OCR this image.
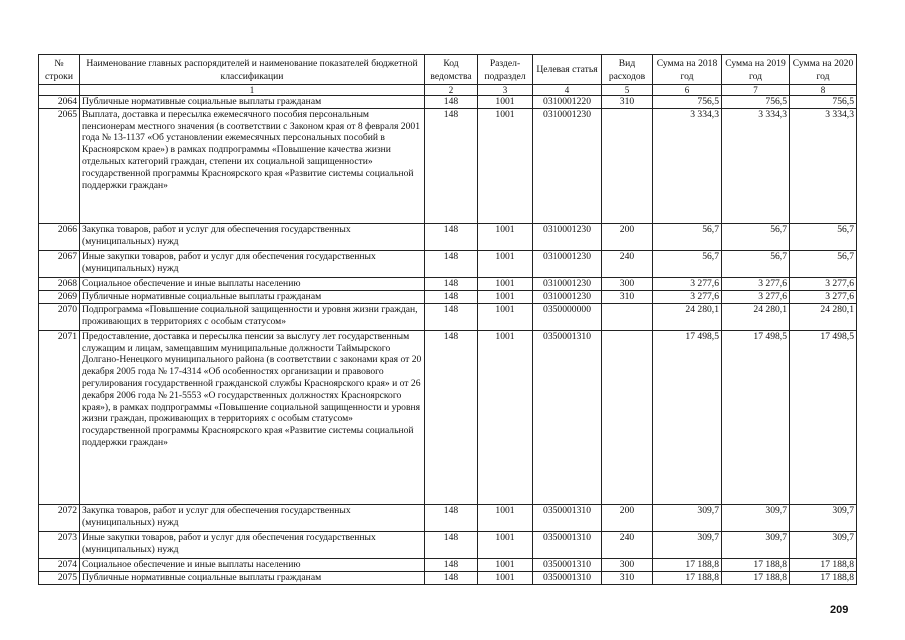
№ строки	Наименование главных распорядителей и наименование показателей бюджетной классификации	Код ведомства	Раздел-подраздел	Целевая статья	Вид расходов	Сумма на 2018 год	Сумма на 2019 год	Сумма на 2020 год
	1	2	3	4	5	6	7	8
2064	Публичные нормативные социальные выплаты гражданам	148	1001	0310001220	310	756,5	756,5	756,5
2065	Выплата, доставка и пересылка ежемесячного пособия персональным пенсионерам местного значения (в соответствии с Законом края от 8 февраля 2001 года № 13-1137 «Об установлении ежемесячных персональных пособий в Красноярском крае») в рамках подпрограммы «Повышение качества жизни отдельных категорий граждан, степени их социальной защищенности» государственной программы Красноярского края «Развитие системы социальной поддержки граждан»	148	1001	0310001230		3 334,3	3 334,3	3 334,3
2066	Закупка товаров, работ и услуг для обеспечения государственных (муниципальных) нужд	148	1001	0310001230	200	56,7	56,7	56,7
2067	Иные закупки товаров, работ и услуг для обеспечения государственных (муниципальных) нужд	148	1001	0310001230	240	56,7	56,7	56,7
2068	Социальное обеспечение и иные выплаты населению	148	1001	0310001230	300	3 277,6	3 277,6	3 277,6
2069	Публичные нормативные социальные выплаты гражданам	148	1001	0310001230	310	3 277,6	3 277,6	3 277,6
2070	Подпрограмма «Повышение социальной защищенности и уровня жизни граждан, проживающих в территориях с особым статусом»	148	1001	0350000000		24 280,1	24 280,1	24 280,1
2071	Предоставление, доставка и пересылка пенсии за выслугу лет государственным служащим и лицам, замещавшим муниципальные должности Таймырского Долгано-Ненецкого муниципального района (в соответствии с законами края от 20 декабря 2005 года № 17-4314 «Об особенностях организации и правового регулирования государственной гражданской службы Красноярского края» и от 26 декабря 2006 года № 21-5553 «О государственных должностях Красноярского края»), в рамках подпрограммы «Повышение социальной защищенности и уровня жизни граждан, проживающих в территориях с особым статусом» государственной программы Красноярского края «Развитие системы социальной поддержки граждан»	148	1001	0350001310		17 498,5	17 498,5	17 498,5
2072	Закупка товаров, работ и услуг для обеспечения государственных (муниципальных) нужд	148	1001	0350001310	200	309,7	309,7	309,7
2073	Иные закупки товаров, работ и услуг для обеспечения государственных (муниципальных) нужд	148	1001	0350001310	240	309,7	309,7	309,7
2074	Социальное обеспечение и иные выплаты населению	148	1001	0350001310	300	17 188,8	17 188,8	17 188,8
2075	Публичные нормативные социальные выплаты гражданам	148	1001	0350001310	310	17 188,8	17 188,8	17 188,8
209
